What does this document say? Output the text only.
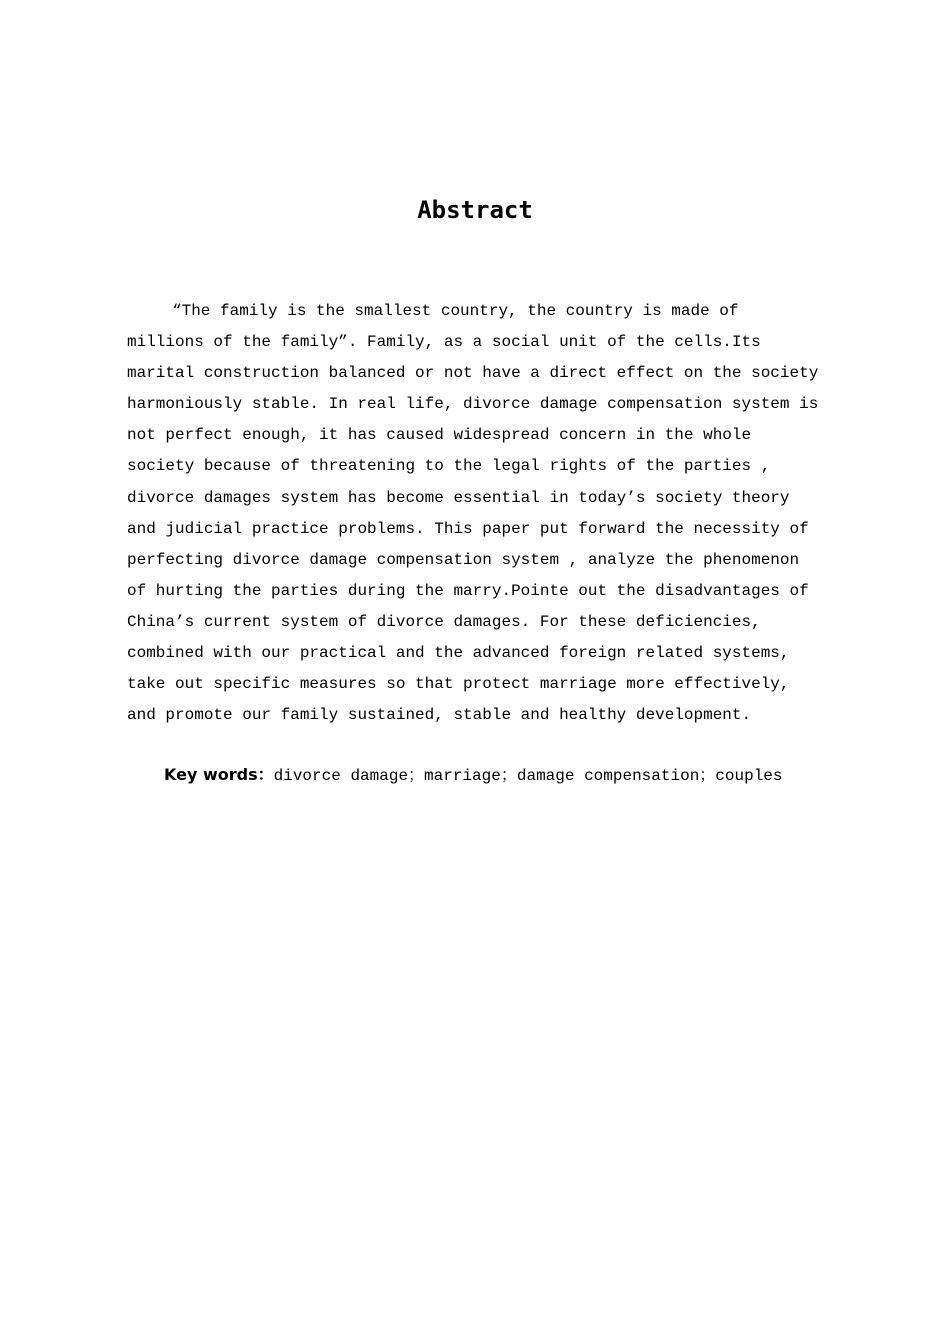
Abstract
“The family is the smallest country, the country is made of
millions of the family”. Family, as a social unit of the cells.Its
marital construction balanced or not have a direct effect on the society
harmoniously stable. In real life, divorce damage compensation system is
not perfect enough, it has caused widespread concern in the whole
society because of threatening to the legal rights of the parties ,
divorce damages system has become essential in today’s society theory
and judicial practice problems. This paper put forward the necessity of
perfecting divorce damage compensation system , analyze the phenomenon
of hurting the parties during the marry.Pointe out the disadvantages of
China’s current system of divorce damages. For these deficiencies,
combined with our practical and the advanced foreign related systems,
take out specific measures so that protect marriage more effectively,
and promote our family sustained, stable and healthy development.
Key words：divorce damage；marriage；damage compensation；couples
